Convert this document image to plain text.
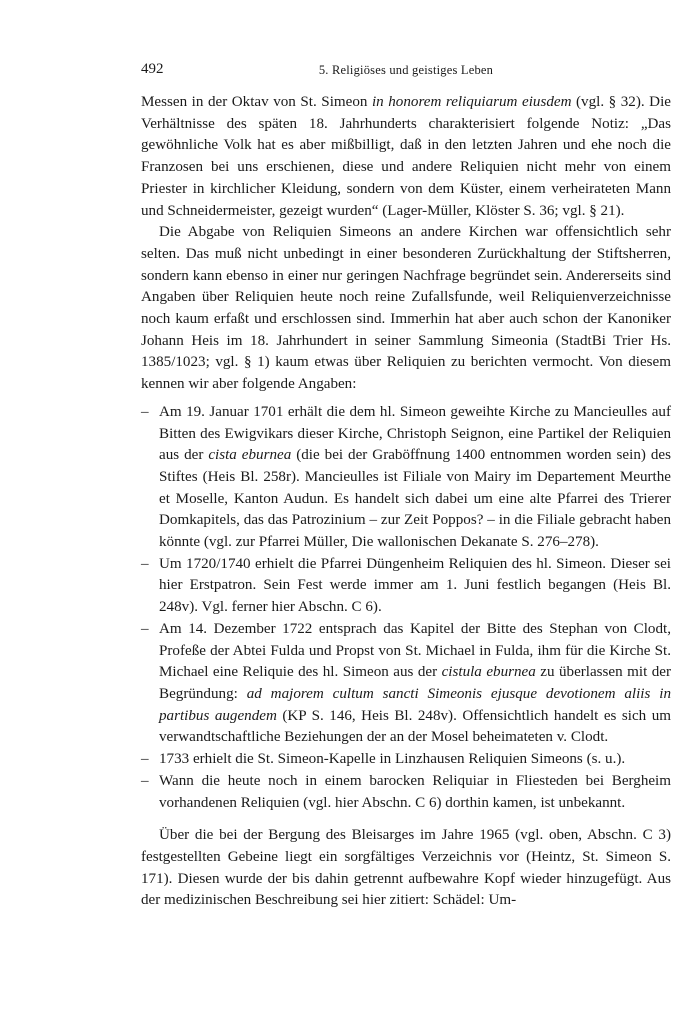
492	5. Religiöses und geistiges Leben

Messen in der Oktav von St. Simeon in honorem reliquiarum eiusdem (vgl. § 32). Die Verhältnisse des späten 18. Jahrhunderts charakterisiert folgende Notiz: „Das gewöhnliche Volk hat es aber mißbilligt, daß in den letzten Jahren und ehe noch die Franzosen bei uns erschienen, diese und andere Reliquien nicht mehr von einem Priester in kirchlicher Kleidung, sondern von dem Küster, einem verheirateten Mann und Schneidermeister, gezeigt wurden“ (Lager-Müller, Klöster S. 36; vgl. § 21).

Die Abgabe von Reliquien Simeons an andere Kirchen war offensichtlich sehr selten. Das muß nicht unbedingt in einer besonderen Zurückhaltung der Stiftsherren, sondern kann ebenso in einer nur geringen Nachfrage begründet sein. Andererseits sind Angaben über Reliquien heute noch reine Zufallsfunde, weil Reliquienverzeichnisse noch kaum erfaßt und erschlossen sind. Immerhin hat aber auch schon der Kanoniker Johann Heis im 18. Jahrhundert in seiner Sammlung Simeonia (StadtBi Trier Hs. 1385/1023; vgl. § 1) kaum etwas über Reliquien zu berichten vermocht. Von diesem kennen wir aber folgende Angaben:

– Am 19. Januar 1701 erhält die dem hl. Simeon geweihte Kirche zu Mancieulles auf Bitten des Ewigvikars dieser Kirche, Christoph Seignon, eine Partikel der Reliquien aus der cista eburnea (die bei der Graböffnung 1400 entnommen worden sein) des Stiftes (Heis Bl. 258r). Mancieulles ist Filiale von Mairy im Departement Meurthe et Moselle, Kanton Audun. Es handelt sich dabei um eine alte Pfarrei des Trierer Domkapitels, das das Patrozinium – zur Zeit Poppos? – in die Filiale gebracht haben könnte (vgl. zur Pfarrei Müller, Die wallonischen Dekanate S. 276–278).
– Um 1720/1740 erhielt die Pfarrei Düngenheim Reliquien des hl. Simeon. Dieser sei hier Erstpatron. Sein Fest werde immer am 1. Juni festlich begangen (Heis Bl. 248v). Vgl. ferner hier Abschn. C 6).
– Am 14. Dezember 1722 entsprach das Kapitel der Bitte des Stephan von Clodt, Profeße der Abtei Fulda und Propst von St. Michael in Fulda, ihm für die Kirche St. Michael eine Reliquie des hl. Simeon aus der cistula eburnea zu überlassen mit der Begründung: ad majorem cultum sancti Simeonis ejusque devotionem aliis in partibus augendem (KP S. 146, Heis Bl. 248v). Offensichtlich handelt es sich um verwandtschaftliche Beziehungen der an der Mosel beheimateten v. Clodt.
– 1733 erhielt die St. Simeon-Kapelle in Linzhausen Reliquien Simeons (s. u.).
– Wann die heute noch in einem barocken Reliquiar in Fliesteden bei Bergheim vorhandenen Reliquien (vgl. hier Abschn. C 6) dorthin kamen, ist unbekannt.

Über die bei der Bergung des Bleisarges im Jahre 1965 (vgl. oben, Abschn. C 3) festgestellten Gebeine liegt ein sorgfältiges Verzeichnis vor (Heintz, St. Simeon S. 171). Diesen wurde der bis dahin getrennt aufbewahre Kopf wieder hinzugefügt. Aus der medizinischen Beschreibung sei hier zitiert: Schädel: Um-
